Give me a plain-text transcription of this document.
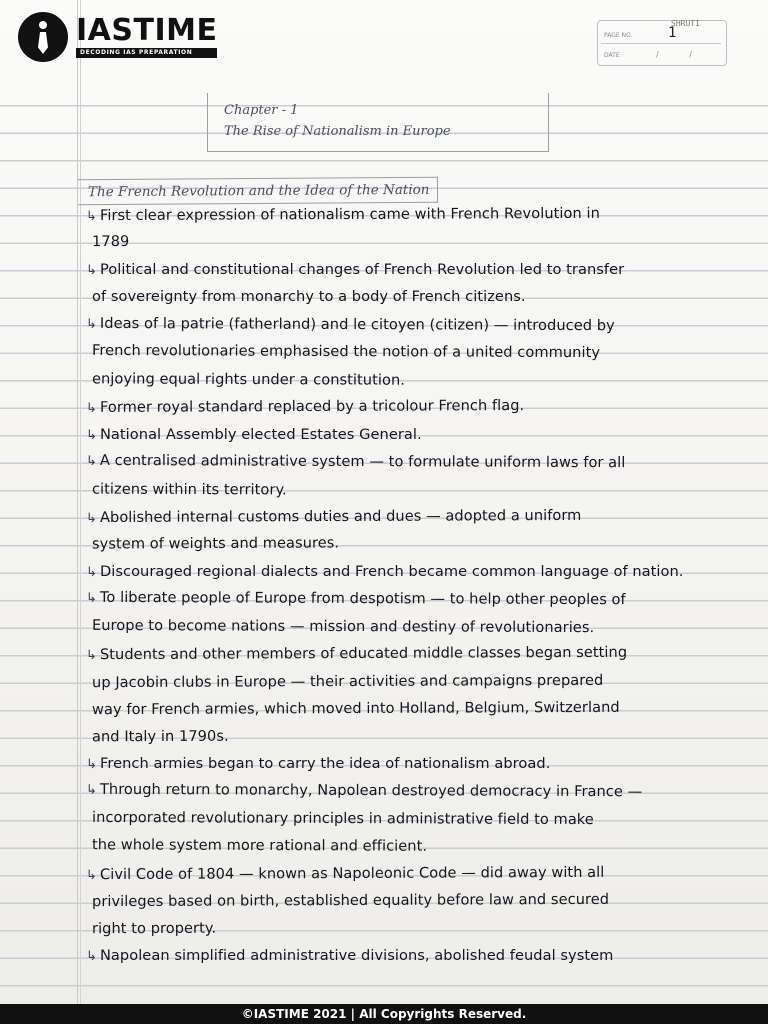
IASTIME
DECODING IAS PREPARATION
SHRUTI
PAGE NO.	1
DATE	/ /
Chapter - 1
The Rise of Nationalism in Europe
The French Revolution and the Idea of the Nation
↳ First clear expression of nationalism came with French Revolution in
1789
↳ Political and constitutional changes of French Revolution led to transfer
of sovereignty from monarchy to a body of French citizens.
↳ Ideas of la patrie (fatherland) and le citoyen (citizen) — introduced by
French revolutionaries emphasised the notion of a united community
enjoying equal rights under a constitution.
↳ Former royal standard replaced by a tricolour French flag.
↳ National Assembly elected Estates General.
↳ A centralised administrative system — to formulate uniform laws for all
citizens within its territory.
↳ Abolished internal customs duties and dues — adopted a uniform
system of weights and measures.
↳ Discouraged regional dialects and French became common language of nation.
↳ To liberate people of Europe from despotism — to help other peoples of
Europe to become nations — mission and destiny of revolutionaries.
↳ Students and other members of educated middle classes began setting
up Jacobin clubs in Europe — their activities and campaigns prepared
way for French armies, which moved into Holland, Belgium, Switzerland
and Italy in 1790s.
↳ French armies began to carry the idea of nationalism abroad.
↳ Through return to monarchy, Napolean destroyed democracy in France —
incorporated revolutionary principles in administrative field to make
the whole system more rational and efficient.
↳ Civil Code of 1804 — known as Napoleonic Code — did away with all
privileges based on birth, established equality before law and secured
right to property.
↳ Napolean simplified administrative divisions, abolished feudal system
©IASTIME 2021 | All Copyrights Reserved.
